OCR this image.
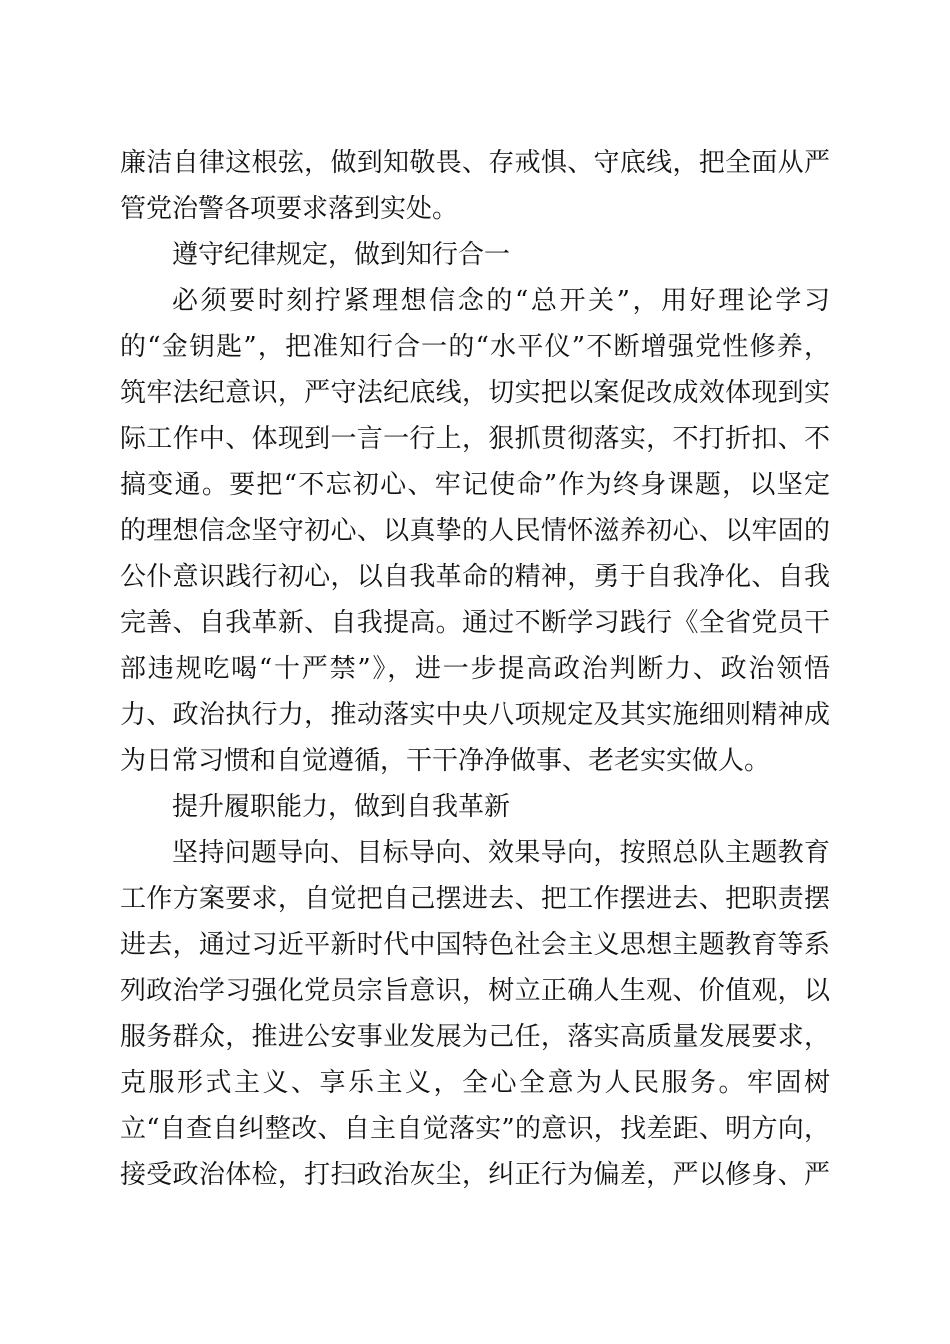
廉洁自律这根弦，做到知敬畏、存戒惧、守底线，把全面从严
管党治警各项要求落到实处。
遵守纪律规定，做到知行合一
必须要时刻拧紧理想信念的“总开关”，用好理论学习
的“金钥匙”，把准知行合一的“水平仪”不断增强党性修养，
筑牢法纪意识，严守法纪底线，切实把以案促改成效体现到实
际工作中、体现到一言一行上，狠抓贯彻落实，不打折扣、不
搞变通。要把“不忘初心、牢记使命”作为终身课题，以坚定
的理想信念坚守初心、以真挚的人民情怀滋养初心、以牢固的
公仆意识践行初心，以自我革命的精神，勇于自我净化、自我
完善、自我革新、自我提高。通过不断学习践行《全省党员干
部违规吃喝“十严禁”》，进一步提高政治判断力、政治领悟
力、政治执行力，推动落实中央八项规定及其实施细则精神成
为日常习惯和自觉遵循，干干净净做事、老老实实做人。
提升履职能力，做到自我革新
坚持问题导向、目标导向、效果导向，按照总队主题教育
工作方案要求，自觉把自己摆进去、把工作摆进去、把职责摆
进去，通过习近平新时代中国特色社会主义思想主题教育等系
列政治学习强化党员宗旨意识，树立正确人生观、价值观，以
服务群众，推进公安事业发展为己任，落实高质量发展要求，
克服形式主义、享乐主义，全心全意为人民服务。牢固树
立“自查自纠整改、自主自觉落实”的意识，找差距、明方向，
接受政治体检，打扫政治灰尘，纠正行为偏差，严以修身、严
